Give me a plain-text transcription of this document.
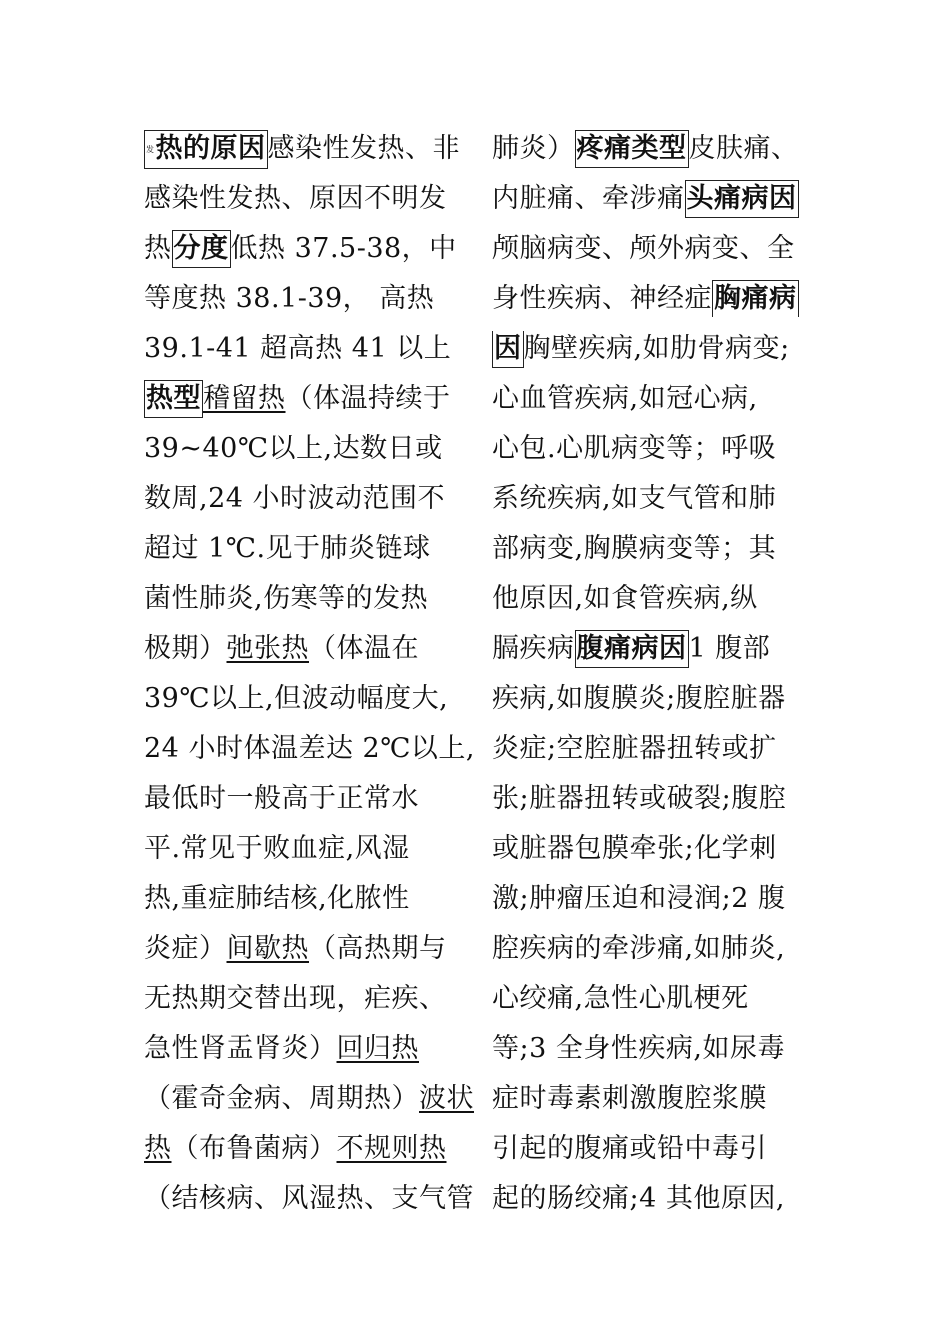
发热的原因感染性发热、非
感染性发热、原因不明发
热分度低热 37.5-38，中
等度热 38.1-39， 高热
39.1-41 超高热 41 以上
热型稽留热（体温持续于
39~40℃以上,达数日或
数周,24 小时波动范围不
超过 1℃.见于肺炎链球
菌性肺炎,伤寒等的发热
极期）弛张热（体温在
39℃以上,但波动幅度大,
24 小时体温差达 2℃以上,
最低时一般高于正常水
平.常见于败血症,风湿
热,重症肺结核,化脓性
炎症）间歇热（高热期与
无热期交替出现，疟疾、
急性肾盂肾炎）回归热
（霍奇金病、周期热）波状
热（布鲁菌病）不规则热
（结核病、风湿热、支气管
肺炎）疼痛类型皮肤痛、
内脏痛、牵涉痛头痛病因
颅脑病变、颅外病变、全
身性疾病、神经症胸痛病
因胸壁疾病,如肋骨病变;
心血管疾病,如冠心病,
心包.心肌病变等；呼吸
系统疾病,如支气管和肺
部病变,胸膜病变等；其
他原因,如食管疾病,纵
膈疾病腹痛病因1 腹部
疾病,如腹膜炎;腹腔脏器
炎症;空腔脏器扭转或扩
张;脏器扭转或破裂;腹腔
或脏器包膜牵张;化学刺
激;肿瘤压迫和浸润;2 腹
腔疾病的牵涉痛,如肺炎,
心绞痛,急性心肌梗死
等;3 全身性疾病,如尿毒
症时毒素刺激腹腔浆膜
引起的腹痛或铅中毒引
起的肠绞痛;4 其他原因,
